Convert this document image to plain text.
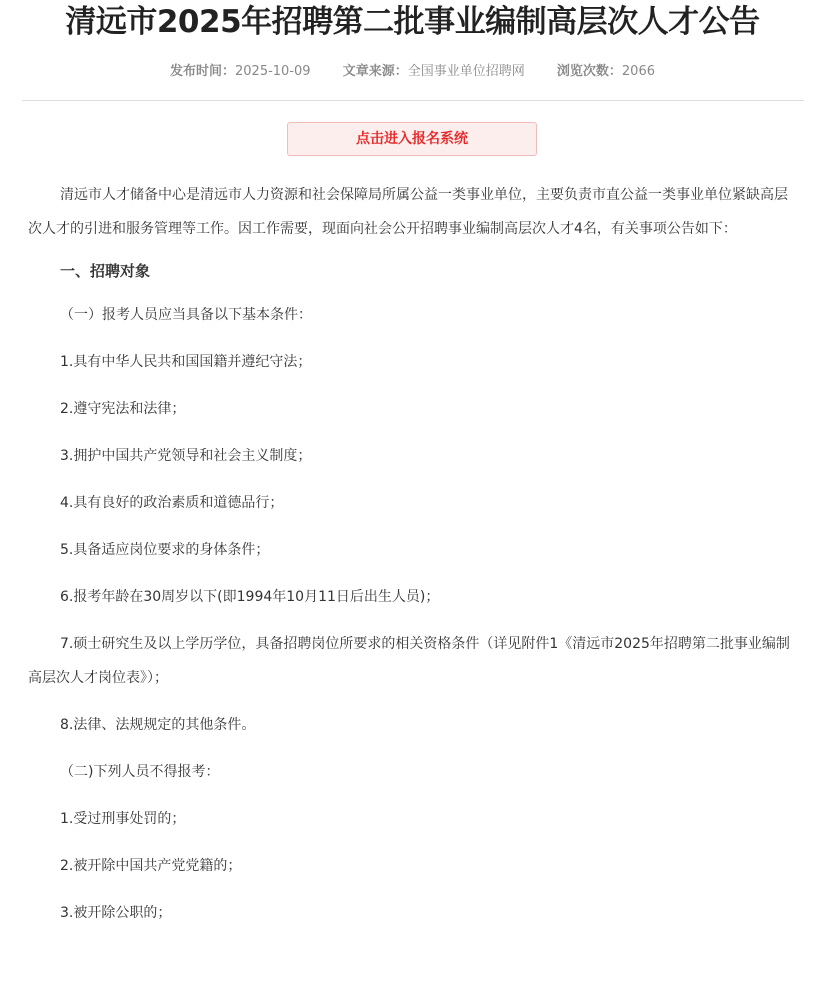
清远市2025年招聘第二批事业编制高层次人才公告
发布时间：2025-10-09 文章来源：全国事业单位招聘网 浏览次数：2066
点击进入报名系统

清远市人才储备中心是清远市人力资源和社会保障局所属公益一类事业单位，主要负责市直公益一类事业单位紧缺高层次人才的引进和服务管理等工作。因工作需要，现面向社会公开招聘事业编制高层次人才4名，有关事项公告如下：

一、招聘对象

（一）报考人员应当具备以下基本条件：

1.具有中华人民共和国国籍并遵纪守法；

2.遵守宪法和法律；

3.拥护中国共产党领导和社会主义制度；

4.具有良好的政治素质和道德品行；

5.具备适应岗位要求的身体条件；

6.报考年龄在30周岁以下(即1994年10月11日后出生人员)；

7.硕士研究生及以上学历学位，具备招聘岗位所要求的相关资格条件（详见附件1《清远市2025年招聘第二批事业编制高层次人才岗位表》）；

8.法律、法规规定的其他条件。

（二)下列人员不得报考：

1.受过刑事处罚的；

2.被开除中国共产党党籍的；

3.被开除公职的；
